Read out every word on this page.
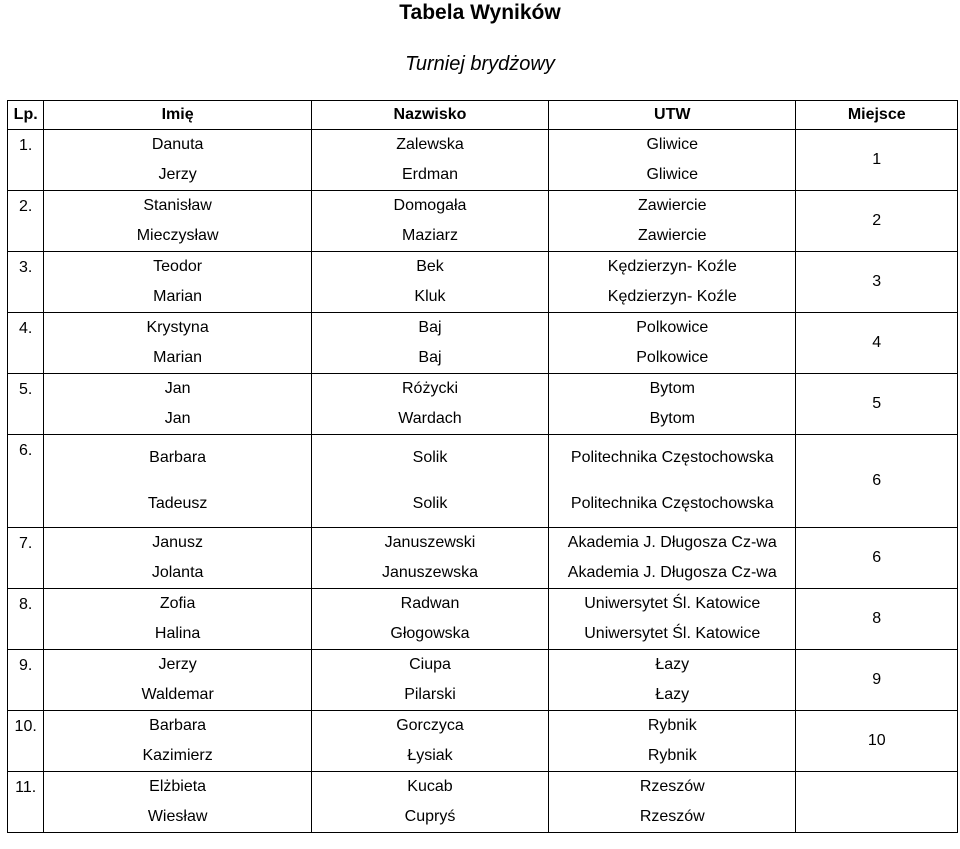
Tabela Wyników
Turniej brydżowy
Lp.	Imię	Nazwisko	UTW	Miejsce
1.	Danuta	Zalewska	Gliwice	1
	Jerzy	Erdman	Gliwice	
2.	Stanisław	Domogała	Zawiercie	2
	Mieczysław	Maziarz	Zawiercie	
3.	Teodor	Bek	Kędzierzyn- Koźle	3
	Marian	Kluk	Kędzierzyn- Koźle	
4.	Krystyna	Baj	Polkowice	4
	Marian	Baj	Polkowice	
5.	Jan	Różycki	Bytom	5
	Jan	Wardach	Bytom	
6.	Barbara	Solik	Politechnika Częstochowska	6
	Tadeusz	Solik	Politechnika Częstochowska	
7.	Janusz	Januszewski	Akademia J. Długosza Cz-wa	6
	Jolanta	Januszewska	Akademia J. Długosza Cz-wa	
8.	Zofia	Radwan	Uniwersytet Śl. Katowice	8
	Halina	Głogowska	Uniwersytet Śl. Katowice	
9.	Jerzy	Ciupa	Łazy	9
	Waldemar	Pilarski	Łazy	
10.	Barbara	Gorczyca	Rybnik	10
	Kazimierz	Łysiak	Rybnik	
11.	Elżbieta	Kucab	Rzeszów	
	Wiesław	Cupryś	Rzeszów	
